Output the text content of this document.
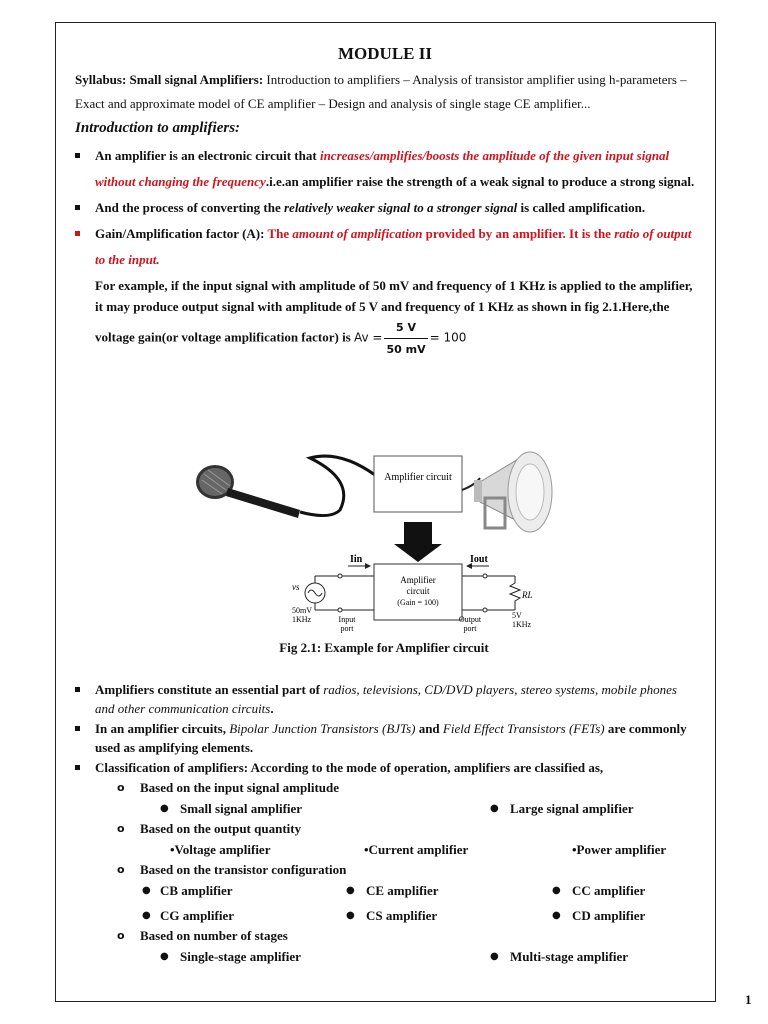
MODULE II

Syllabus: Small signal Amplifiers: Introduction to amplifiers – Analysis of transistor amplifier using h-parameters – Exact and approximate model of CE amplifier – Design and analysis of single stage CE amplifier...

Introduction to amplifiers:
An amplifier is an electronic circuit that increases/amplifies/boosts the amplitude of the given input signal without changing the frequency.i.e.an amplifier raise the strength of a weak signal to produce a strong signal.
And the process of converting the relatively weaker signal to a stronger signal is called amplification.
Gain/Amplification factor (A): The amount of amplification provided by an amplifier. It is the ratio of output to the input.
For example, if the input signal with amplitude of 50 mV and frequency of 1 KHz is applied to the amplifier, it may produce output signal with amplitude of 5 V and frequency of 1 KHz as shown in fig 2.1.Here,the voltage gain(or voltage amplification factor) is $Av = \frac{5 V}{50 mV} = 100$
Amplifier circuit
Iin	Iout
Amplifier
circuit
(Gain = 100)
vs
50mV
1KHz	Input
port
Output
port
RL
5V
1KHz
Fig 2.1: Example for Amplifier circuit
Amplifiers constitute an essential part of radios, televisions, CD/DVD players, stereo systems, mobile phones and other communication circuits.
In an amplifier circuits, Bipolar Junction Transistors (BJTs) and Field Effect Transistors (FETs) are commonly used as amplifying elements.
Classification of amplifiers: According to the mode of operation, amplifiers are classified as,
o Based on the input signal amplitude
● Small signal amplifier	● Large signal amplifier
o Based on the output quantity
•Voltage amplifier	•Current amplifier	•Power amplifier
o Based on the transistor configuration
● CB amplifier	● CE amplifier	● CC amplifier
● CG amplifier	● CS amplifier	● CD amplifier
o Based on number of stages
● Single-stage amplifier	● Multi-stage amplifier
1
